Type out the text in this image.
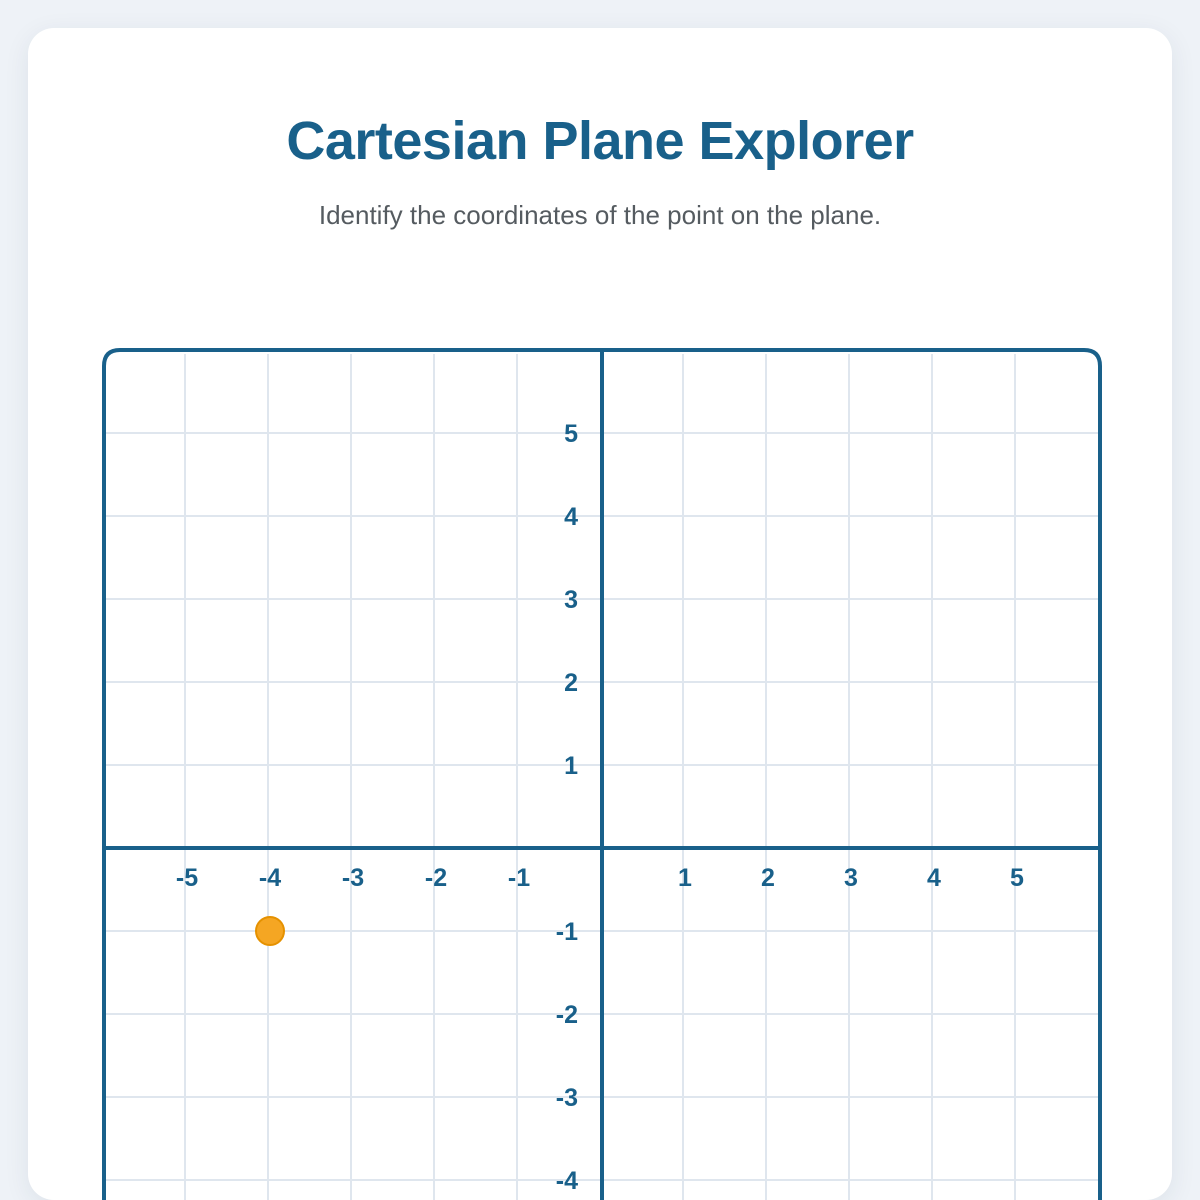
Cartesian Plane Explorer

Identify the coordinates of the point on the plane.

-5 -4 -3 -2 -1	1	2	3	4	5
5
4
3
2
1
-1
-2
-3
-4
